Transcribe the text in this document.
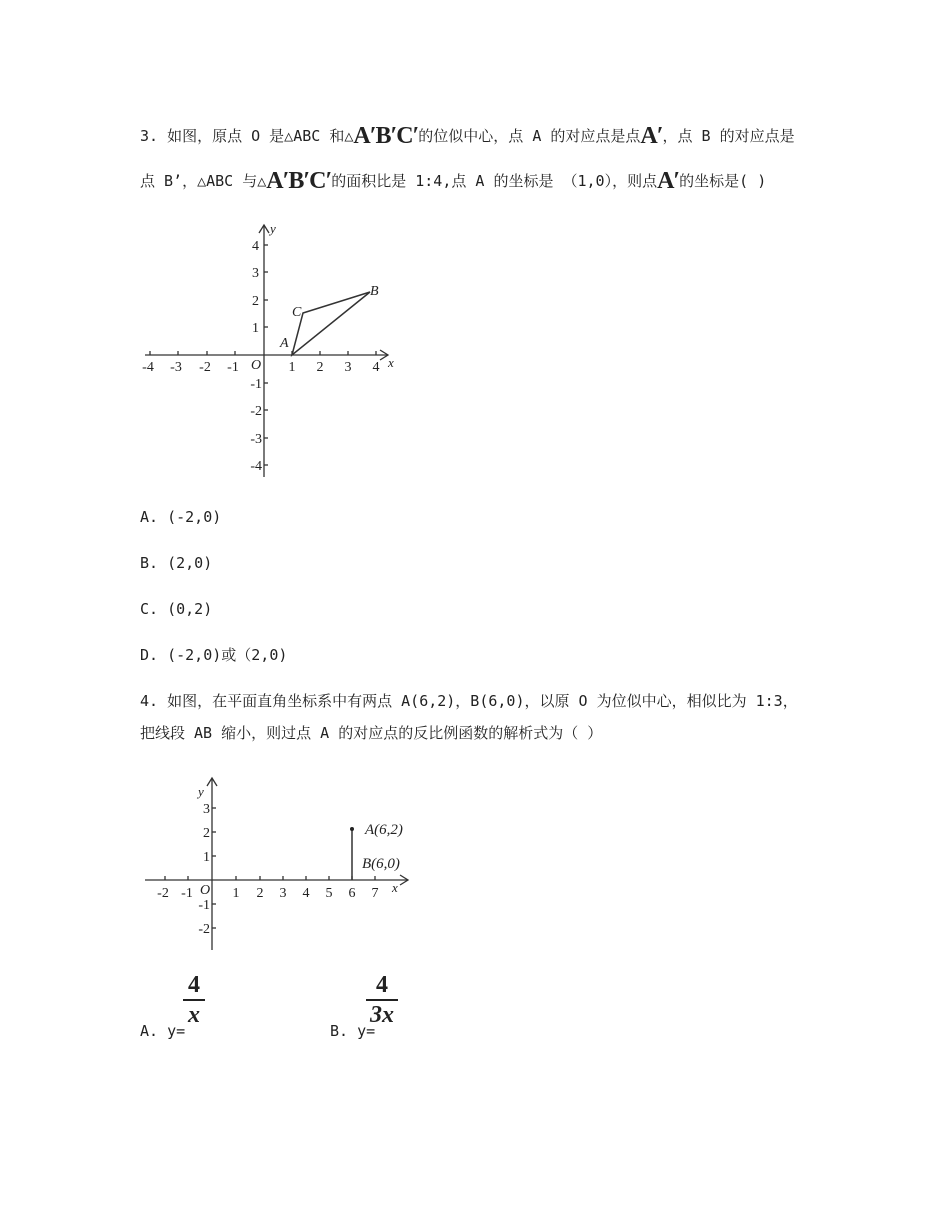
3. 如图，原点 O 是△ABC 和△A′B′C′的位似中心，点 A 的对应点是点A′，点 B 的对应点是
点 B’，△ABC 与△A′B′C′的面积比是 1:4,点 A 的坐标是 （1,0），则点A′的坐标是( )
x
y
O
-4 -3 -2 -1	1 2 3 4
4
3
2
1
-1
-2
-3
-4
A
C
B
A. (-2,0)
B. (2,0)
C. (0,2)
D. (-2,0)或（2,0)
4. 如图，在平面直角坐标系中有两点 A(6,2)，B(6,0)，以原 O 为位似中心，相似比为 1:3，
把线段 AB 缩小，则过点 A 的对应点的反比例函数的解析式为（ ）
x
y
O
-2 -1	1 2 3 4 5 6 7
3
2
1
-1
-2
A(6,2)
B(6,0)
A. y=
4
x
B. y=
4
3x
